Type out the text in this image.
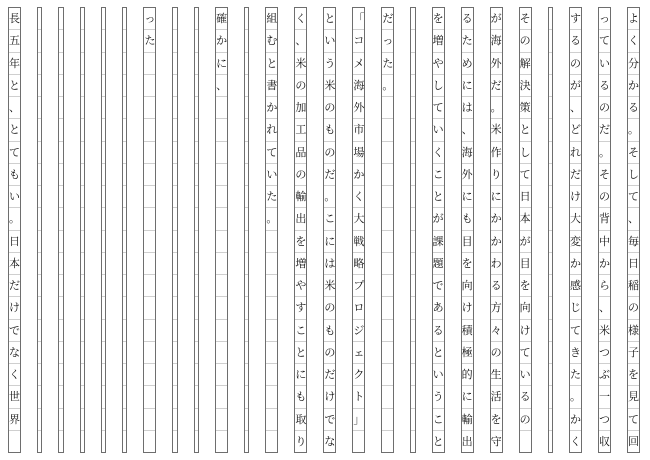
長
五
年
と
、
と
て
も
い
。
日
本
だ
け
で
な
く
世
界
っ
た
確
か
に
、
組
む
と
書
か
れ
て
い
た
。
く
、
米
の
加
工
品
の
輸
出
を
増
や
す
こ
と
に
も
取
り
と
い
う
米
の
も
の
だ
。
こ
に
は
米
の
も
の
だ
け
で
な
「
コ
メ
海
外
市
場
か
く
大
戦
略
プ
ロ
ジ
ェ
ク
ト
」
だ
っ
た
。
を
増
や
し
て
い
く
こ
と
が
課
題
で
あ
る
と
い
う
こ
と
る
た
め
に
は
、
海
外
に
も
目
を
向
け
積
極
的
に
輸
出
が
海
外
だ
。
米
作
り
に
か
か
わ
る
方
々
の
生
活
を
守
そ
の
解
決
策
と
し
て
日
本
が
目
を
向
け
て
い
る
の
す
る
の
が
、
ど
れ
だ
け
大
変
か
感
じ
て
き
た
。
か
く
っ
て
い
る
の
だ
。
そ
の
背
中
か
ら
、
米
つ
ぶ
一
つ
収
よ
く
分
か
る
。
そ
し
て
、
毎
日
稲
の
様
子
を
見
て
回
